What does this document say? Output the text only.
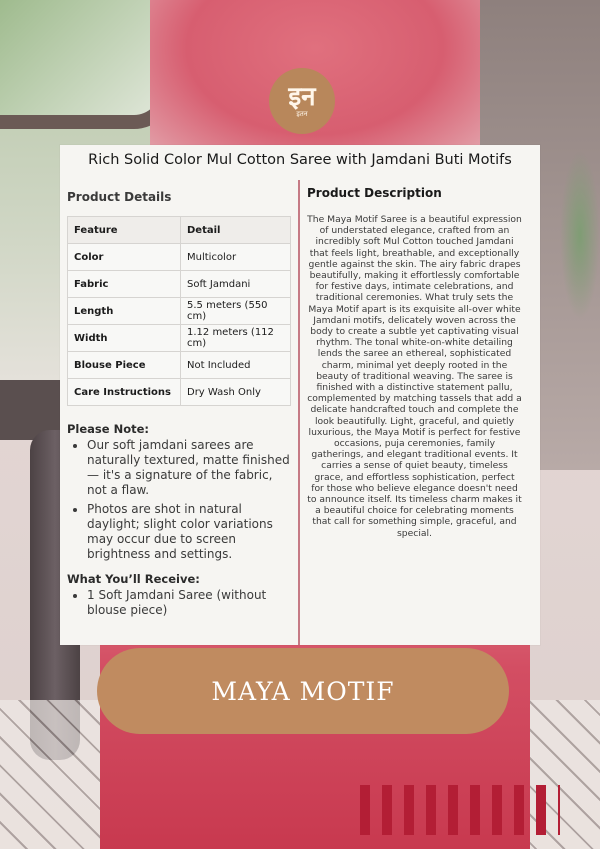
इन
इतन
Rich Solid Color Mul Cotton Saree with Jamdani Buti Motifs
Product Details
Feature	Detail
Color	Multicolor
Fabric	Soft Jamdani
Length	5.5 meters (550 cm)
Width	1.12 meters (112 cm)
Blouse Piece	Not Included
Care Instructions	Dry Wash Only
Please Note:
• Our soft jamdani sarees are naturally textured, matte finished — it's a signature of the fabric, not a flaw.
• Photos are shot in natural daylight; slight color variations may occur due to screen brightness and settings.
What You’ll Receive:
• 1 Soft Jamdani Saree (without blouse piece)
Product Description

The Maya Motif Saree is a beautiful expression of understated elegance, crafted from an incredibly soft Mul Cotton touched Jamdani that feels light, breathable, and exceptionally gentle against the skin. The airy fabric drapes beautifully, making it effortlessly comfortable for festive days, intimate celebrations, and traditional ceremonies. What truly sets the Maya Motif apart is its exquisite all-over white Jamdani motifs, delicately woven across the body to create a subtle yet captivating visual rhythm. The tonal white-on-white detailing lends the saree an ethereal, sophisticated charm, minimal yet deeply rooted in the beauty of traditional weaving. The saree is finished with a distinctive statement pallu, complemented by matching tassels that add a delicate handcrafted touch and complete the look beautifully. Light, graceful, and quietly luxurious, the Maya Motif is perfect for festive occasions, puja ceremonies, family gatherings, and elegant traditional events. It carries a sense of quiet beauty, timeless grace, and effortless sophistication, perfect for those who believe elegance doesn't need to announce itself. Its timeless charm makes it a beautiful choice for celebrating moments that call for something simple, graceful, and special.

MAYA MOTIF
